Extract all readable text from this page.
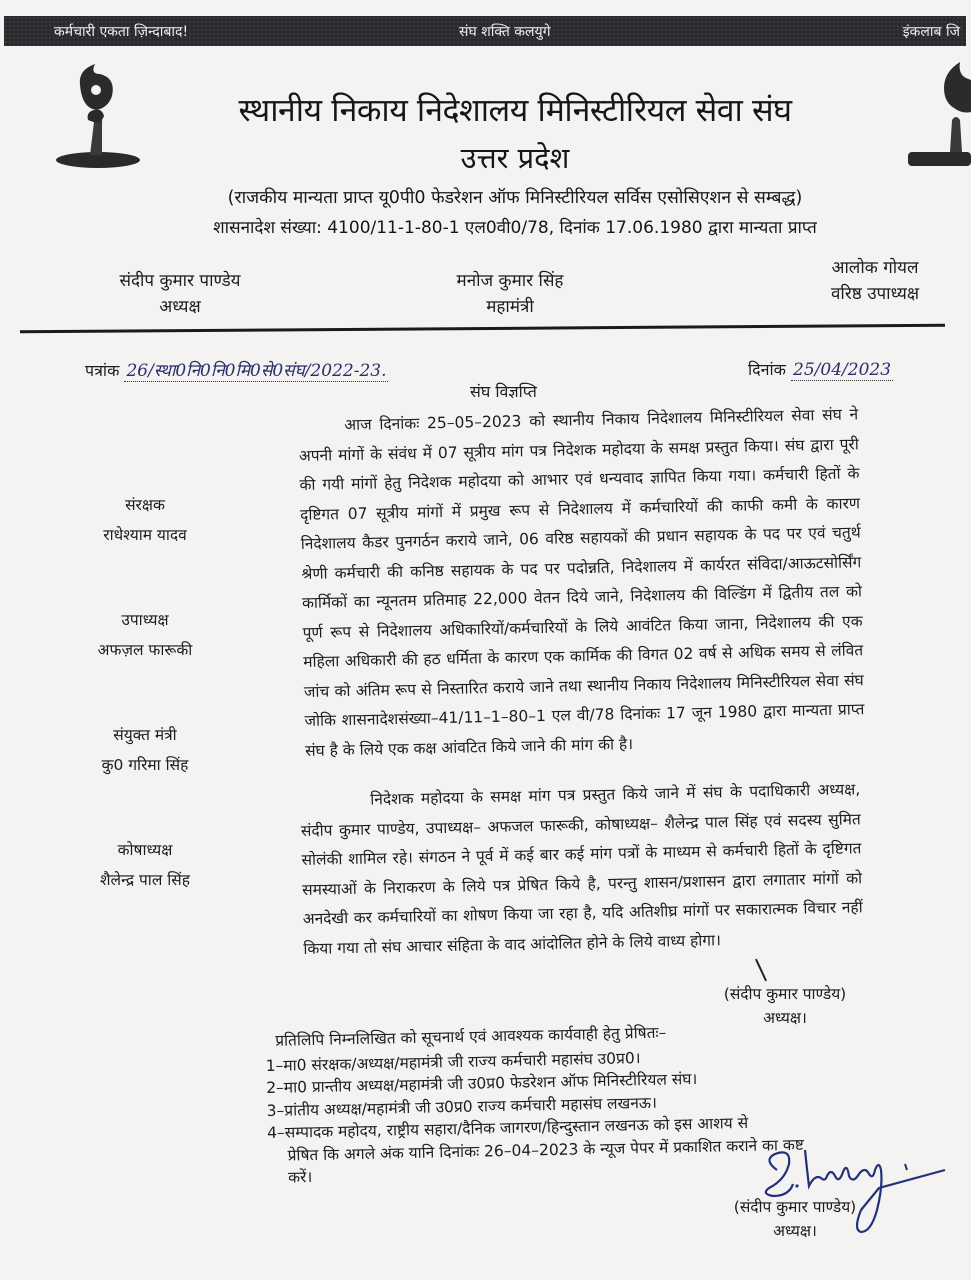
कर्मचारी एकता ज़िन्दाबाद!	संघ शक्ति कलयुगे	इंकलाब जि
स्थानीय निकाय निदेशालय मिनिस्टीरियल सेवा संघ
उत्तर प्रदेश
(राजकीय मान्यता प्राप्त यू0पी0 फेडरेशन ऑफ मिनिस्टीरियल सर्विस एसोसिएशन से सम्बद्ध)
शासनादेश संख्या: 4100/11-1-80-1 एल0वी0/78, दिनांक 17.06.1980 द्वारा मान्यता प्राप्त
संदीप कुमार पाण्डेय
अध्यक्ष
मनोज कुमार सिंह
महामंत्री
आलोक गोयल
वरिष्ठ उपाध्यक्ष
पत्रांक 26/स्था0नि0नि0मि0से0संघ/2022-23.	दिनांक 25/04/2023
संरक्षक
राधेश्याम यादव
उपाध्यक्ष
अफज़ल फारूकी
संयुक्त मंत्री
कु0 गरिमा सिंह
कोषाध्यक्ष
शैलेन्द्र पाल सिंह
संघ विज्ञप्ति
आज दिनांकः 25–05–2023 को स्थानीय निकाय निदेशालय मिनिस्टीरियल सेवा संघ ने अपनी मांगों के संवंध में 07 सूत्रीय मांग पत्र निदेशक महोदया के समक्ष प्रस्तुत किया। संघ द्वारा पूरी की गयी मांगों हेतु निदेशक महोदया को आभार एवं धन्यवाद ज्ञापित किया गया। कर्मचारी हितों के दृष्टिगत 07 सूत्रीय मांगों में प्रमुख रूप से निदेशालय में कर्मचारियों की काफी कमी के कारण निदेशालय कैडर पुनगर्ठन कराये जाने, 06 वरिष्ठ सहायकों की प्रधान सहायक के पद पर एवं चतुर्थ श्रेणी कर्मचारी की कनिष्ठ सहायक के पद पर पदोन्नति, निदेशालय में कार्यरत संविदा/आऊटसोर्सिंग कार्मिकों का न्यूनतम प्रतिमाह 22,000 वेतन दिये जाने, निदेशालय की विल्डिंग में द्वितीय तल को पूर्ण रूप से निदेशालय अधिकारियों/कर्मचारियों के लिये आवंटित किया जाना, निदेशालय की एक महिला अधिकारी की हठ धर्मिता के कारण एक कार्मिक की विगत 02 वर्ष से अधिक समय से लंवित जांच को अंतिम रूप से निस्तारित कराये जाने तथा स्थानीय निकाय निदेशालय मिनिस्टीरियल सेवा संघ जोकि शासनादेशसंख्या–41/11–1–80–1 एल वी/78 दिनांकः 17 जून 1980 द्वारा मान्यता प्राप्त संघ है के लिये एक कक्ष आंवटित किये जाने की मांग की है।
निदेशक महोदया के समक्ष मांग पत्र प्रस्तुत किये जाने में संघ के पदाधिकारी अध्यक्ष, संदीप कुमार पाण्डेय, उपाध्यक्ष– अफजल फारूकी, कोषाध्यक्ष– शैलेन्द्र पाल सिंह एवं सदस्य सुमित सोलंकी शामिल रहे। संगठन ने पूर्व में कई बार कई मांग पत्रों के माध्यम से कर्मचारी हितों के दृष्टिगत समस्याओं के निराकरण के लिये पत्र प्रेषित किये है, परन्तु शासन/प्रशासन द्वारा लगातार मांगों को अनदेखी कर कर्मचारियों का शोषण किया जा रहा है, यदि अतिशीघ्र मांगों पर सकारात्मक विचार नहीं किया गया तो संघ आचार संहिता के वाद आंदोलित होने के लिये वाध्य होगा।
(संदीप कुमार पाण्डेय)
अध्यक्ष।
प्रतिलिपि निम्नलिखित को सूचनार्थ एवं आवश्यक कार्यवाही हेतु प्रेषितः–
1–मा0 संरक्षक/अध्यक्ष/महामंत्री जी राज्य कर्मचारी महासंघ उ0प्र0।
2–मा0 प्रान्तीय अध्यक्ष/महामंत्री जी उ0प्र0 फेडरेशन ऑफ मिनिस्टीरियल संघ।
3–प्रांतीय अध्यक्ष/महामंत्री जी उ0प्र0 राज्य कर्मचारी महासंघ लखनऊ।
4–सम्पादक महोदय, राष्ट्रीय सहारा/दैनिक जागरण/हिन्दुस्तान लखनऊ को इस आशय से
प्रेषित कि अगले अंक यानि दिनांकः 26–04–2023 के न्यूज पेपर में प्रकाशित कराने का कष्ट
करें।
(संदीप कुमार पाण्डेय)
अध्यक्ष।
